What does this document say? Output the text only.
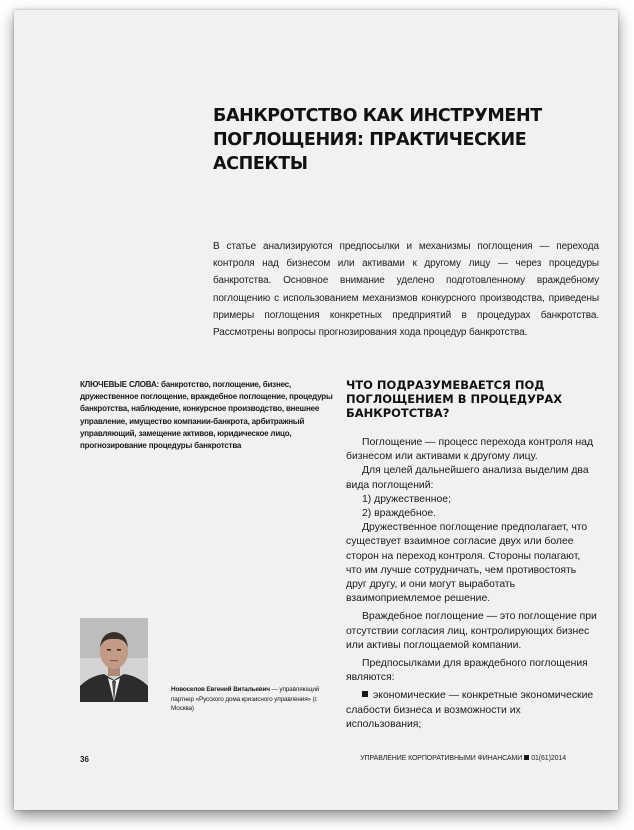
БАНКРОТСТВО КАК ИНСТРУМЕНТ
ПОГЛОЩЕНИЯ: ПРАКТИЧЕСКИЕ АСПЕКТЫ
В статье анализируются предпосылки и механизмы поглощения — перехода контроля над бизнесом или активами к другому лицу — через процедуры банкротства. Основное внимание уделено подготовленному враждебному поглощению с использованием механизмов конкурсного производства, приведены примеры поглощения конкретных предприятий в процедурах банкротства. Рассмотрены вопросы прогнозирования хода процедур банкротства.
КЛЮЧЕВЫЕ СЛОВА: банкротство, поглощение, бизнес, дружественное поглощение, враждебное поглощение, процедуры банкротства, наблюдение, конкурсное производство, внешнее управление, имущество компании-банкрота, арбитражный управляющий, замещение активов, юридическое лицо, прогнозирование процедуры банкротства
ЧТО ПОДРАЗУМЕВАЕТСЯ ПОД ПОГЛОЩЕНИЕМ В ПРОЦЕДУРАХ БАНКРОТСТВА?

Поглощение — процесс перехода контроля над бизнесом или активами к другому лицу.

Для целей дальнейшего анализа выделим два вида поглощений:

1) дружественное;

2) враждебное.

Дружественное поглощение предполагает, что существует взаимное согласие двух или более сторон на переход контроля. Стороны полагают, что им лучше сотрудничать, чем противостоять друг другу, и они могут выработать взаимоприемлемое решение.

Враждебное поглощение — это поглощение при отсутствии согласия лиц, контролирующих бизнес или активы поглощаемой компании.

Предпосылками для враждебного поглощения являются:

экономические — конкретные экономические слабости бизнеса и возможности их использования;

Новоселов Евгений Витальевич — управляющий партнер «Русского дома кризисного управления» (г. Москва)
36	УПРАВЛЕНИЕ КОРПОРАТИВНЫМИ ФИНАНСАМИ 01(61)2014
